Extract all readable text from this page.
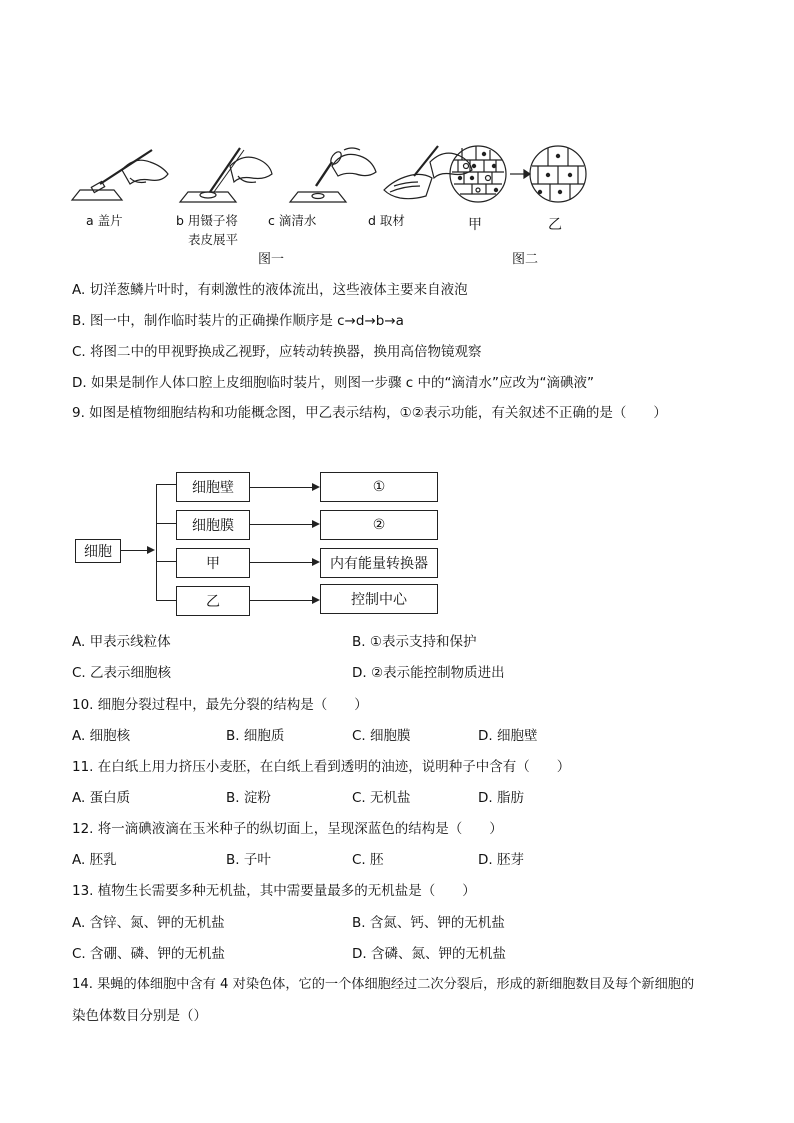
a 盖片	b 用镊子将
表皮展平
c 滴清水	d 取材	甲	乙
图一	图二
A. 切洋葱鳞片叶时，有刺激性的液体流出，这些液体主要来自液泡
B. 图一中，制作临时装片的正确操作顺序是 c→d→b→a
C. 将图二中的甲视野换成乙视野，应转动转换器，换用高倍物镜观察
D. 如果是制作人体口腔上皮细胞临时装片，则图一步骤 c 中的“滴清水”应改为“滴碘液”
9. 如图是植物细胞结构和功能概念图，甲乙表示结构，①②表示功能，有关叙述不正确的是（　　）
细胞
细胞壁
细胞膜
甲
乙
①
②
内有能量转换器
控制中心
A. 甲表示线粒体	B. ①表示支持和保护
C. 乙表示细胞核	D. ②表示能控制物质进出
10. 细胞分裂过程中，最先分裂的结构是（　　）
A. 细胞核	B. 细胞质	C. 细胞膜	D. 细胞壁
11. 在白纸上用力挤压小麦胚，在白纸上看到透明的油迹，说明种子中含有（　　）
A. 蛋白质	B. 淀粉	C. 无机盐	D. 脂肪
12. 将一滴碘液滴在玉米种子的纵切面上，呈现深蓝色的结构是（　　）
A. 胚乳	B. 子叶	C. 胚	D. 胚芽
13. 植物生长需要多种无机盐，其中需要量最多的无机盐是（　　）
A. 含锌、氮、钾的无机盐	B. 含氮、钙、钾的无机盐
C. 含硼、磷、钾的无机盐	D. 含磷、氮、钾的无机盐
14. 果蝇的体细胞中含有 4 对染色体，它的一个体细胞经过二次分裂后，形成的新细胞数目及每个新细胞的
染色体数目分别是（）
